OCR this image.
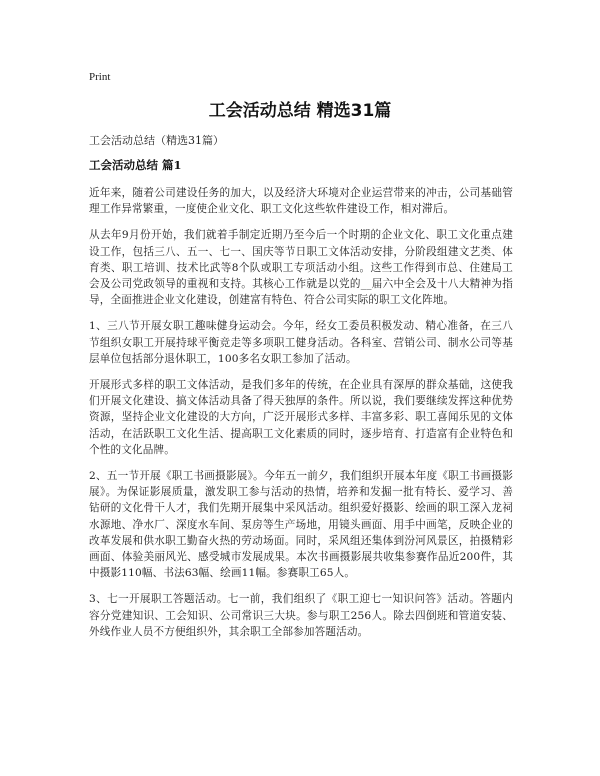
Print
工会活动总结 精选31篇

工会活动总结（精选31篇）

工会活动总结 篇1

近年来，随着公司建设任务的加大，以及经济大环境对企业运营带来的冲击，公司基础管理工作异常繁重，一度使企业文化、职工文化这些软件建设工作，相对滞后。

从去年9月份开始，我们就着手制定近期乃至今后一个时期的企业文化、职工文化重点建设工作，包括三八、五一、七一、国庆等节日职工文体活动安排，分阶段组建文艺类、体育类、职工培训、技术比武等8个队或职工专项活动小组。这些工作得到市总、住建局工会及公司党政领导的重视和支持。其核心工作就是以党的__届六中全会及十八大精神为指导，全面推进企业文化建设，创建富有特色、符合公司实际的职工文化阵地。

1、三八节开展女职工趣味健身运动会。今年，经女工委员积极发动、精心准备，在三八节组织女职工开展持球平衡竞走等多项职工健身活动。各科室、营销公司、制水公司等基层单位包括部分退休职工，100多名女职工参加了活动。

开展形式多样的职工文体活动，是我们多年的传统，在企业具有深厚的群众基础，这使我们开展文化建设、搞文体活动具备了得天独厚的条件。所以说，我们要继续发挥这种优势资源，坚持企业文化建设的大方向，广泛开展形式多样、丰富多彩、职工喜闻乐见的文体活动，在活跃职工文化生活、提高职工文化素质的同时，逐步培育、打造富有企业特色和个性的文化品牌。

2、五一节开展《职工书画摄影展》。今年五一前夕，我们组织开展本年度《职工书画摄影展》。为保证影展质量，激发职工参与活动的热情，培养和发掘一批有特长、爱学习、善钻研的文化骨干人才，我们先期开展集中采风活动。组织爱好摄影、绘画的职工深入龙祠水源地、净水厂、深度水车间、泵房等生产场地，用镜头画面、用手中画笔，反映企业的改革发展和供水职工勤奋火热的劳动场面。同时，采风组还集体到汾河风景区，拍摄精彩画面、体验美丽风光、感受城市发展成果。本次书画摄影展共收集参赛作品近200件，其中摄影110幅、书法63幅、绘画11幅。参赛职工65人。

3、七一开展职工答题活动。七一前，我们组织了《职工迎七一知识问答》活动。答题内容分党建知识、工会知识、公司常识三大块。参与职工256人。除去四倒班和管道安装、外线作业人员不方便组织外，其余职工全部参加答题活动。
